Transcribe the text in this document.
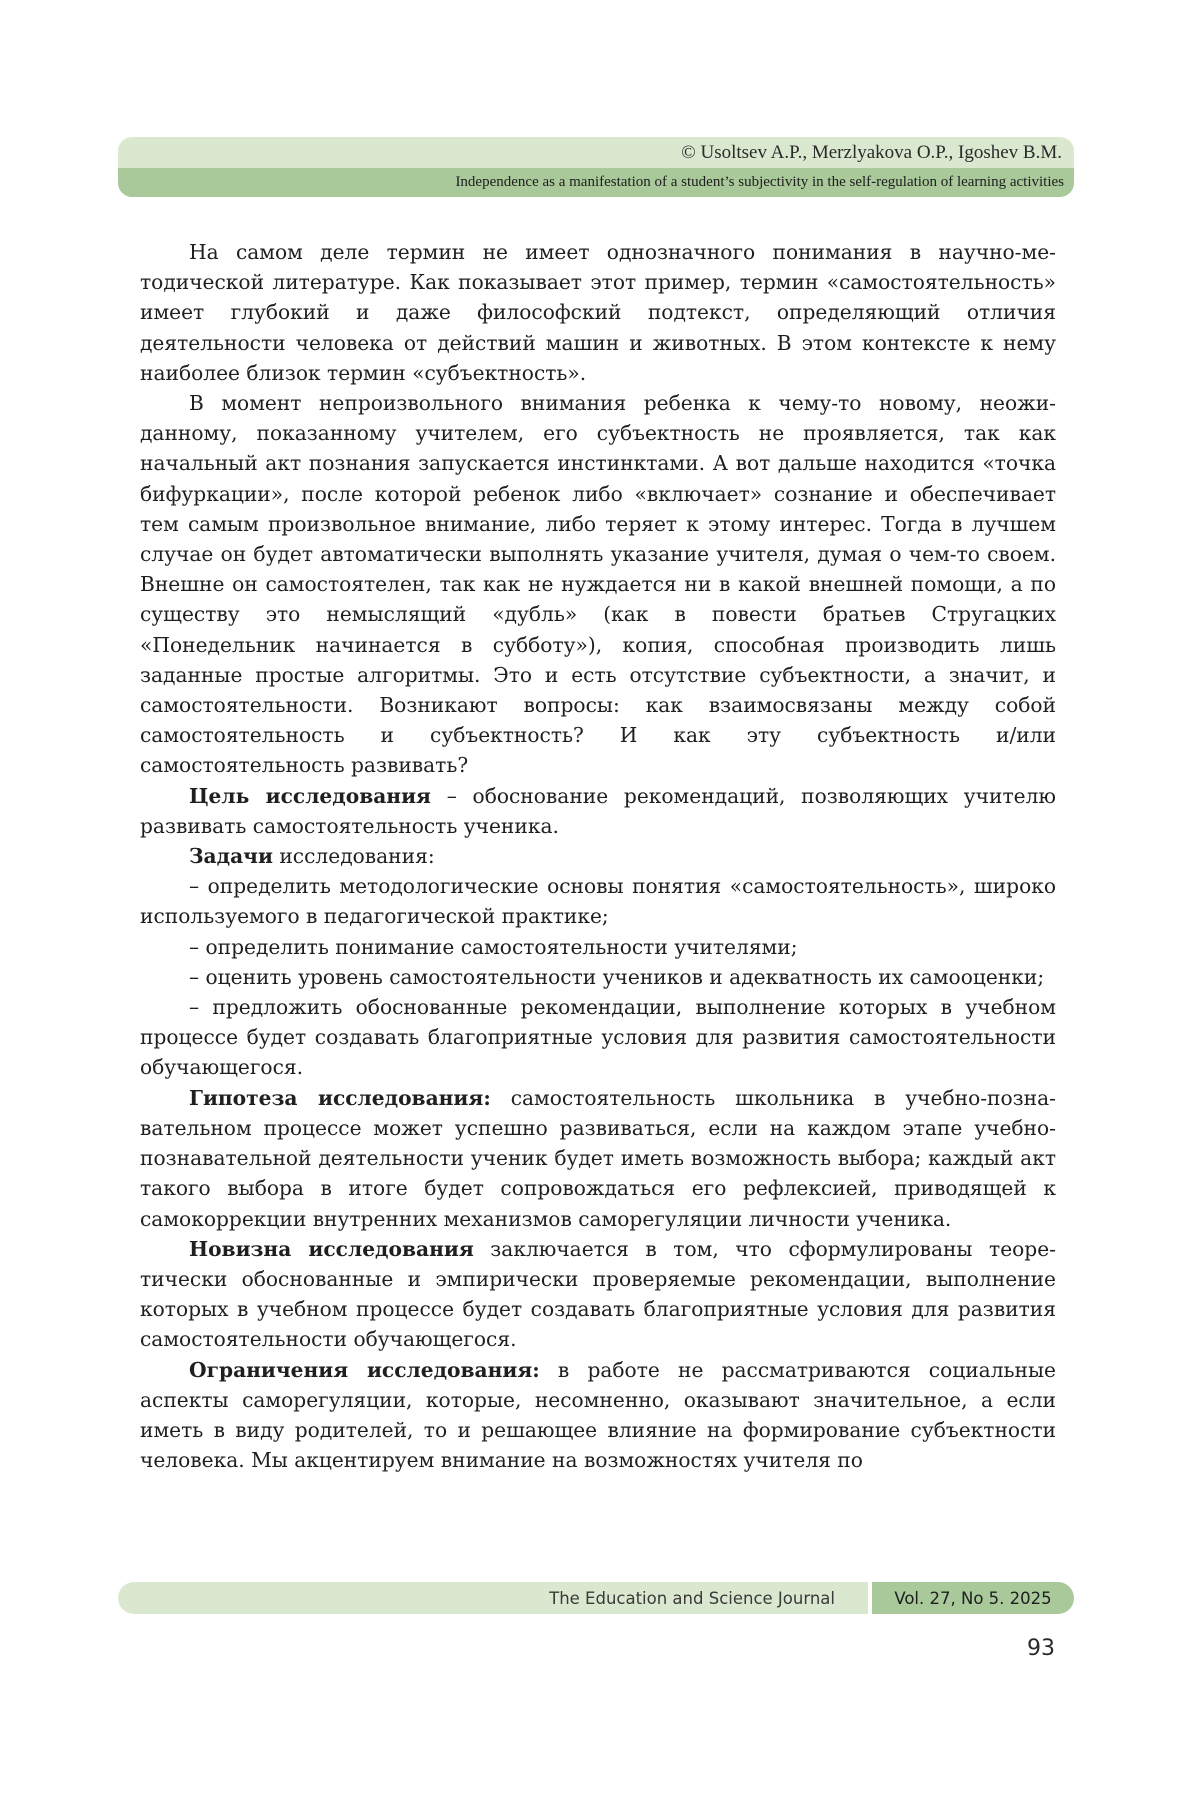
© Usoltsev A.P., Merzlyakova O.P., Igoshev B.M.
Independence as a manifestation of a student’s subjectivity in the self-regulation of learning activities

На самом деле термин не имеет однозначного понимания в научно-методической литературе. Как показывает этот пример, термин «самостоятельность» имеет глубокий и даже философский подтекст, определяющий отличия деятельности человека от действий машин и животных. В этом контексте к нему наиболее близок термин «субъектность».

В момент непроизвольного внимания ребенка к чему-то новому, неожиданному, показанному учителем, его субъектность не проявляется, так как начальный акт познания запускается инстинктами. А вот дальше находится «точка бифуркации», после которой ребенок либо «включает» сознание и обеспечивает тем самым произвольное внимание, либо теряет к этому интерес. Тогда в лучшем случае он будет автоматически выполнять указание учителя, думая о чем-то своем. Внешне он самостоятелен, так как не нуждается ни в какой внешней помощи, а по существу это немыслящий «дубль» (как в повести братьев Стругацких «Понедельник начинается в субботу»), копия, способная производить лишь заданные простые алгоритмы. Это и есть отсутствие субъектности, а значит, и самостоятельности. Возникают вопросы: как взаимосвязаны между собой самостоятельность и субъектность? И как эту субъектность и/или самостоятельность развивать?

Цель исследования – обоснование рекомендаций, позволяющих учителю развивать самостоятельность ученика.

Задачи исследования:

– определить методологические основы понятия «самостоятельность», широко используемого в педагогической практике;

– определить понимание самостоятельности учителями;

– оценить уровень самостоятельности учеников и адекватность их самооценки;

– предложить обоснованные рекомендации, выполнение которых в учебном процессе будет создавать благоприятные условия для развития самостоятельности обучающегося.

Гипотеза исследования: самостоятельность школьника в учебно-познавательном процессе может успешно развиваться, если на каждом этапе учебно-познавательной деятельности ученик будет иметь возможность выбора; каждый акт такого выбора в итоге будет сопровождаться его рефлексией, приводящей к самокоррекции внутренних механизмов саморегуляции личности ученика.

Новизна исследования заключается в том, что сформулированы теоретически обоснованные и эмпирически проверяемые рекомендации, выполнение которых в учебном процессе будет создавать благоприятные условия для развития самостоятельности обучающегося.

Ограничения исследования: в работе не рассматриваются социальные аспекты саморегуляции, которые, несомненно, оказывают значительное, а если иметь в виду родителей, то и решающее влияние на формирование субъектности человека. Мы акцентируем внимание на возможностях учителя по

The Education and Science Journal	Vol. 27, No 5. 2025
93
